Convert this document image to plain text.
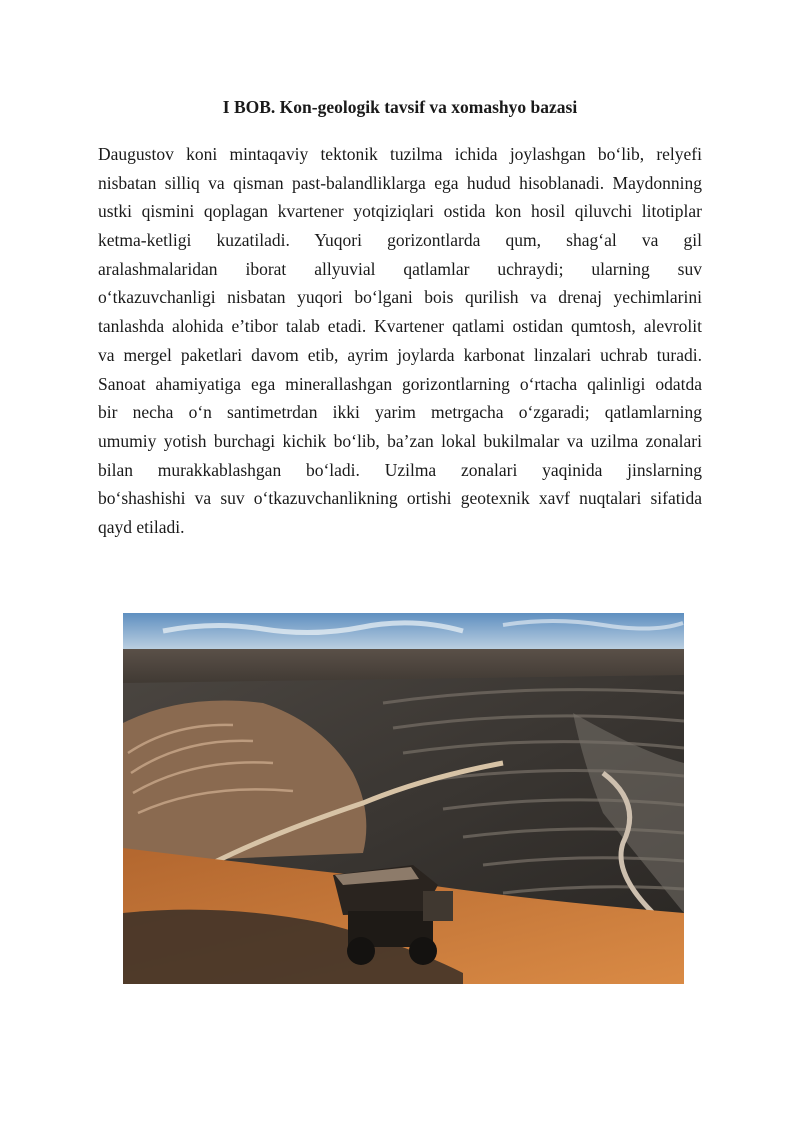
I BOB. Kon-geologik tavsif va xomashyo bazasi
Daugustov koni mintaqaviy tektonik tuzilma ichida joylashgan bo‘lib, relyefi
nisbatan silliq va qisman past-balandliklarga ega hudud hisoblanadi. Maydonning
ustki qismini qoplagan kvartener yotqiziqlari ostida kon hosil qiluvchi litotiplar
ketma-ketligi kuzatiladi. Yuqori gorizontlarda qum, shag‘al va gil
aralashmalaridan iborat allyuvial qatlamlar uchraydi; ularning suv
o‘tkazuvchanligi nisbatan yuqori bo‘lgani bois qurilish va drenaj yechimlarini
tanlashda alohida e’tibor talab etadi. Kvartener qatlami ostidan qumtosh, alevrolit
va mergel paketlari davom etib, ayrim joylarda karbonat linzalari uchrab turadi.
Sanoat ahamiyatiga ega minerallashgan gorizontlarning o‘rtacha qalinligi odatda
bir necha o‘n santimetrdan ikki yarim metrgacha o‘zgaradi; qatlamlarning
umumiy yotish burchagi kichik bo‘lib, ba’zan lokal bukilmalar va uzilma zonalari
bilan murakkablashgan bo‘ladi. Uzilma zonalari yaqinida jinslarning
bo‘shashishi va suv o‘tkazuvchanlikning ortishi geotexnik xavf nuqtalari sifatida
qayd etiladi.
